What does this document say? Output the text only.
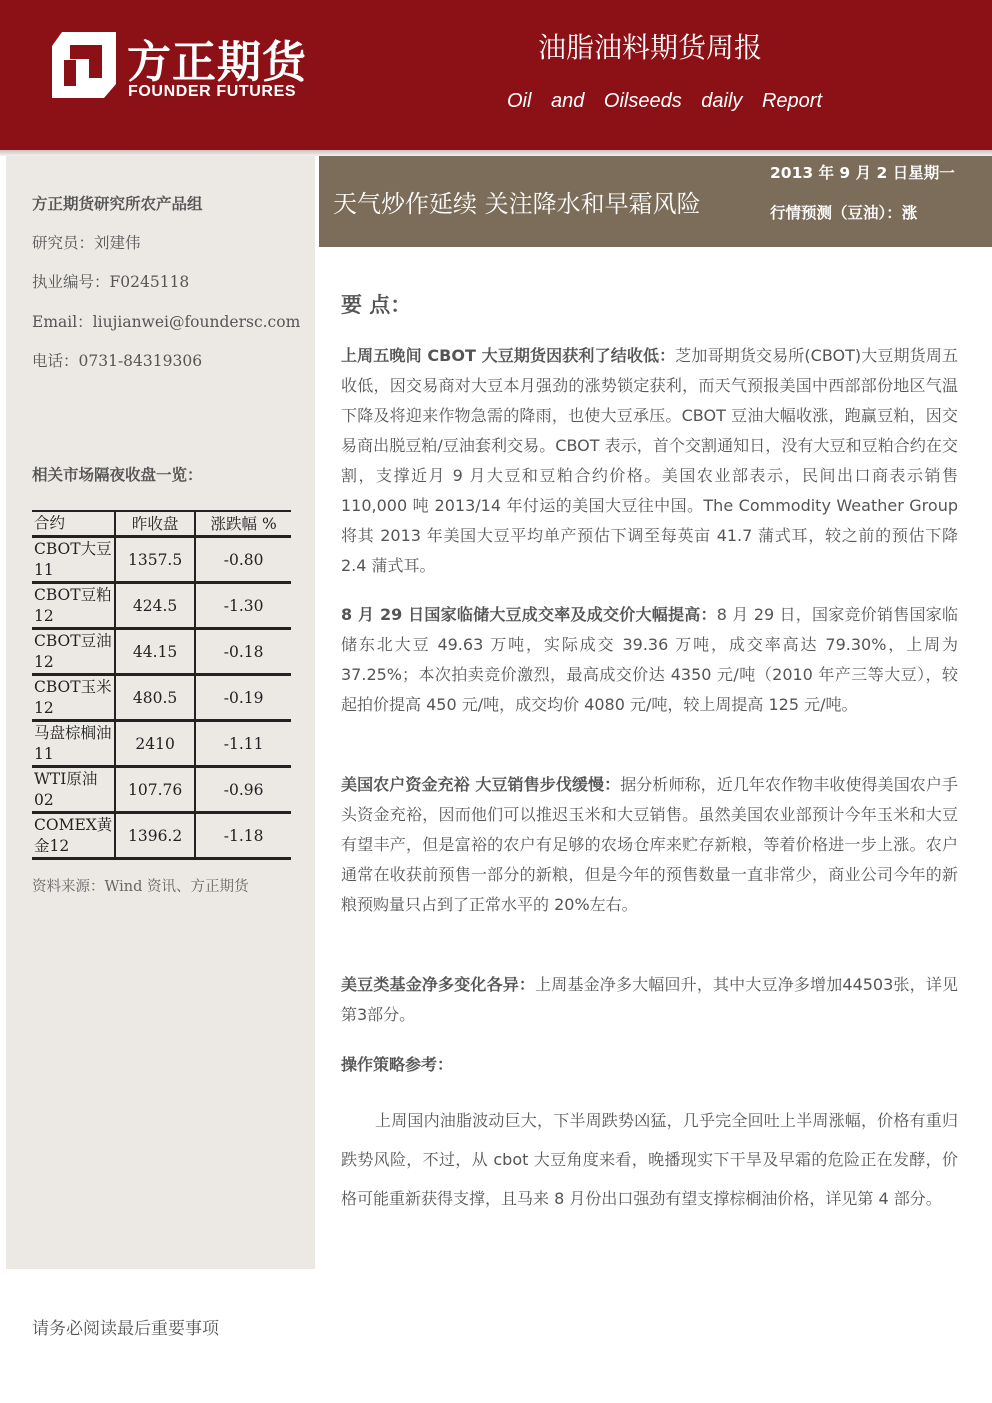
方正期货
FOUNDER FUTURES
油脂油料期货周报
Oil and Oilseeds daily Report
方正期货研究所农产品组
研究员：刘建伟
执业编号：F0245118
Email：liujianwei@foundersc.com
电话：0731-84319306
相关市场隔夜收盘一览：
合约	昨收盘	涨跌幅 %
CBOT大豆11	1357.5	-0.80
CBOT豆粕12	424.5	-1.30
CBOT豆油12	44.15	-0.18
CBOT玉米12	480.5	-0.19
马盘棕榈油11	2410	-1.11
WTI原油02	107.76	-0.96
COMEX黄金12	1396.2	-1.18
资料来源：Wind 资讯、方正期货
天气炒作延续 关注降水和早霜风险
2013 年 9 月 2 日星期一
行情预测（豆油）：涨
要 点：
上周五晚间 CBOT 大豆期货因获利了结收低：芝加哥期货交易所(CBOT)大豆期货周五收低，因交易商对大豆本月强劲的涨势锁定获利，而天气预报美国中西部部份地区气温下降及将迎来作物急需的降雨，也使大豆承压。CBOT 豆油大幅收涨，跑赢豆粕，因交易商出脱豆粕/豆油套利交易。CBOT 表示，首个交割通知日，没有大豆和豆粕合约在交割，支撑近月 9 月大豆和豆粕合约价格。美国农业部表示，民间出口商表示销售 110,000 吨 2013/14 年付运的美国大豆往中国。The Commodity Weather Group 将其 2013 年美国大豆平均单产预估下调至每英亩 41.7 蒲式耳，较之前的预估下降 2.4 蒲式耳。
8 月 29 日国家临储大豆成交率及成交价大幅提高：8 月 29 日，国家竞价销售国家临储东北大豆 49.63 万吨，实际成交 39.36 万吨，成交率高达 79.30%，上周为 37.25%；本次拍卖竞价激烈，最高成交价达 4350 元/吨（2010 年产三等大豆），较起拍价提高 450 元/吨，成交均价 4080 元/吨，较上周提高 125 元/吨。
美国农户资金充裕 大豆销售步伐缓慢：据分析师称，近几年农作物丰收使得美国农户手头资金充裕，因而他们可以推迟玉米和大豆销售。虽然美国农业部预计今年玉米和大豆有望丰产，但是富裕的农户有足够的农场仓库来贮存新粮，等着价格进一步上涨。农户通常在收获前预售一部分的新粮，但是今年的预售数量一直非常少，商业公司今年的新粮预购量只占到了正常水平的 20%左右。
美豆类基金净多变化各异：上周基金净多大幅回升，其中大豆净多增加44503张，详见第3部分。
操作策略参考：
上周国内油脂波动巨大，下半周跌势凶猛，几乎完全回吐上半周涨幅，价格有重归跌势风险，不过，从 cbot 大豆角度来看，晚播现实下干旱及早霜的危险正在发酵，价格可能重新获得支撑，且马来 8 月份出口强劲有望支撑棕榈油价格，详见第 4 部分。
请务必阅读最后重要事项
